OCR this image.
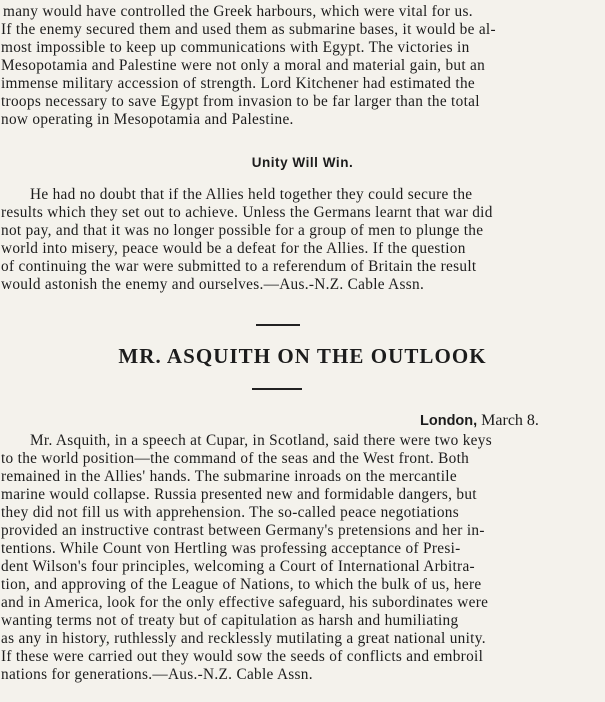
many would have controlled the Greek harbours, which were vital for us.
If the enemy secured them and used them as submarine bases, it would be al-
most impossible to keep up communications with Egypt. The victories in
Mesopotamia and Palestine were not only a moral and material gain, but an
immense military accession of strength. Lord Kitchener had estimated the
troops necessary to save Egypt from invasion to be far larger than the total
now operating in Mesopotamia and Palestine.
Unity Will Win.
He had no doubt that if the Allies held together they could secure the
results which they set out to achieve. Unless the Germans learnt that war did
not pay, and that it was no longer possible for a group of men to plunge the
world into misery, peace would be a defeat for the Allies. If the question
of continuing the war were submitted to a referendum of Britain the result
would astonish the enemy and ourselves.—Aus.-N.Z. Cable Assn.
MR. ASQUITH ON THE OUTLOOK
London, March 8.
Mr. Asquith, in a speech at Cupar, in Scotland, said there were two keys
to the world position—the command of the seas and the West front. Both
remained in the Allies' hands. The submarine inroads on the mercantile
marine would collapse. Russia presented new and formidable dangers, but
they did not fill us with apprehension. The so-called peace negotiations
provided an instructive contrast between Germany's pretensions and her in-
tentions. While Count von Hertling was professing acceptance of Presi-
dent Wilson's four principles, welcoming a Court of International Arbitra-
tion, and approving of the League of Nations, to which the bulk of us, here
and in America, look for the only effective safeguard, his subordinates were
wanting terms not of treaty but of capitulation as harsh and humiliating
as any in history, ruthlessly and recklessly mutilating a great national unity.
If these were carried out they would sow the seeds of conflicts and embroil
nations for generations.—Aus.-N.Z. Cable Assn.
